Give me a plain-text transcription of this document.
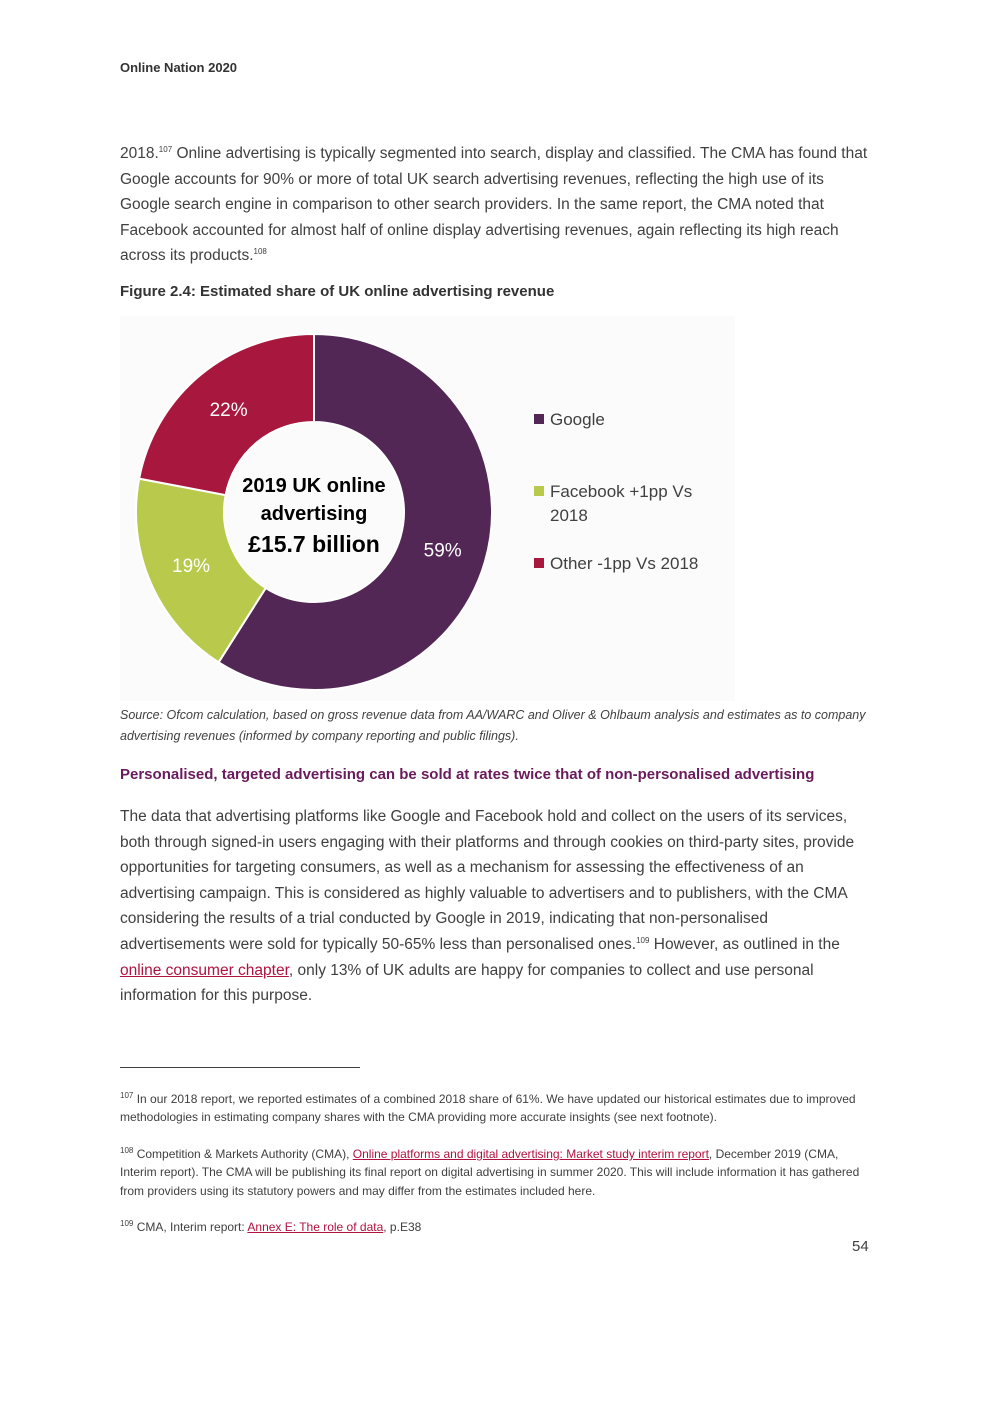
Online Nation 2020

2018.$^{107}$ Online advertising is typically segmented into search, display and classified. The CMA has found that Google accounts for 90% or more of total UK search advertising revenues, reflecting the high use of its Google search engine in comparison to other search providers. In the same report, the CMA noted that Facebook accounted for almost half of online display advertising revenues, again reflecting its high reach across its products.$^{108}$

Figure 2.4: Estimated share of UK online advertising revenue
59%
19%
22%
2019 UK online
advertising
£15.7 billion
Google
Facebook +1pp Vs
2018
Other -1pp Vs 2018

Source: Ofcom calculation, based on gross revenue data from AA/WARC and Oliver & Ohlbaum analysis and estimates as to company advertising revenues (informed by company reporting and public filings).

Personalised, targeted advertising can be sold at rates twice that of non-personalised advertising

The data that advertising platforms like Google and Facebook hold and collect on the users of its services, both through signed-in users engaging with their platforms and through cookies on third-party sites, provide opportunities for targeting consumers, as well as a mechanism for assessing the effectiveness of an advertising campaign. This is considered as highly valuable to advertisers and to publishers, with the CMA considering the results of a trial conducted by Google in 2019, indicating that non-personalised advertisements were sold for typically 50-65% less than personalised ones.$^{109}$ However, as outlined in the online consumer chapter, only 13% of UK adults are happy for companies to collect and use personal information for this purpose.

$^{107}$ In our 2018 report, we reported estimates of a combined 2018 share of 61%. We have updated our historical estimates due to improved methodologies in estimating company shares with the CMA providing more accurate insights (see next footnote).

$^{108}$ Competition & Markets Authority (CMA), Online platforms and digital advertising: Market study interim report, December 2019 (CMA, Interim report). The CMA will be publishing its final report on digital advertising in summer 2020. This will include information it has gathered from providers using its statutory powers and may differ from the estimates included here.

$^{109}$ CMA, Interim report: Annex E: The role of data, p.E38

54
